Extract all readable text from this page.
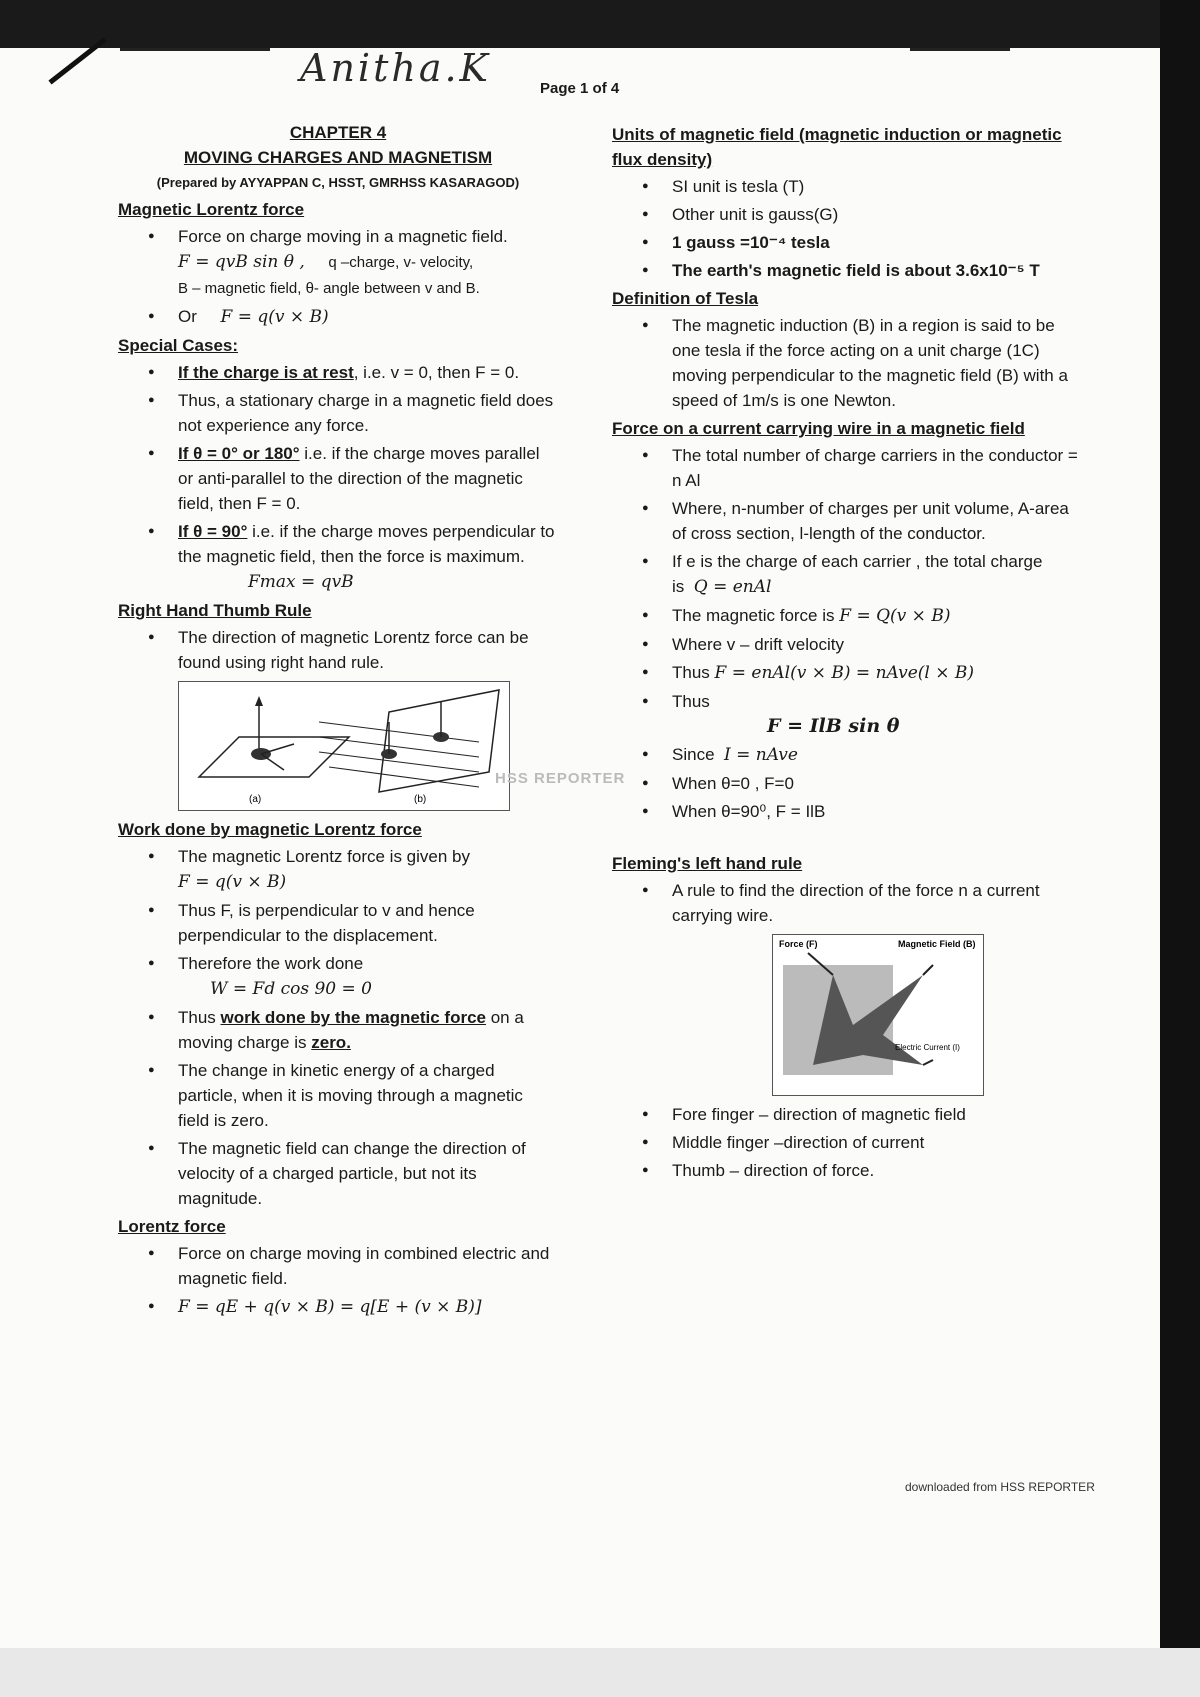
Anitha.K	Page 1 of 4
CHAPTER 4
MOVING CHARGES AND MAGNETISM
(Prepared by AYYAPPAN C, HSST, GMRHSS KASARAGOD)
Magnetic Lorentz force
● Force on charge moving in a magnetic field.
F = qvB sin θ , q –charge, v- velocity,
B – magnetic field, θ- angle between v and B.
● Or F = q(v × B)
Special Cases:
● If the charge is at rest, i.e. v = 0, then F = 0.
● Thus, a stationary charge in a magnetic field does not experience any force.
● If θ = 0° or 180° i.e. if the charge moves parallel or anti-parallel to the direction of the magnetic field, then F = 0.
● If θ = 90° i.e. if the charge moves perpendicular to the magnetic field, then the force is maximum.
Fmax = qvB
Right Hand Thumb Rule
● The direction of magnetic Lorentz force can be found using right hand rule.
(a)	(b)
Work done by magnetic Lorentz force
● The magnetic Lorentz force is given by
F = q(v × B)
● Thus F, is perpendicular to v and hence perpendicular to the displacement.
● Therefore the work done
W = Fd cos 90 = 0
● Thus work done by the magnetic force on a moving charge is zero.
● The change in kinetic energy of a charged particle, when it is moving through a magnetic field is zero.
● The magnetic field can change the direction of velocity of a charged particle, but not its magnitude.
Lorentz force
● Force on charge moving in combined electric and magnetic field.
● F = qE + q(v × B) = q[E + (v × B)]
Units of magnetic field (magnetic induction or magnetic flux density)
● SI unit is tesla (T)
● Other unit is gauss(G)
● 1 gauss =10⁻⁴ tesla
● The earth's magnetic field is about 3.6x10⁻⁵ T
Definition of Tesla
● The magnetic induction (B) in a region is said to be one tesla if the force acting on a unit charge (1C) moving perpendicular to the magnetic field (B) with a speed of 1m/s is one Newton.
Force on a current carrying wire in a magnetic field
● The total number of charge carriers in the conductor = n Al
● Where, n-number of charges per unit volume, A-area of cross section, l-length of the conductor.
● If e is the charge of each carrier , the total charge is Q = enAl
● The magnetic force is F = Q(v × B)
● Where v – drift velocity
● Thus F = enAl(v × B) = nAve(l × B)
● Thus
F = IlB sin θ
● Since I = nAve
● When θ=0 , F=0
● When θ=90⁰, F = IlB
Fleming's left hand rule
● A rule to find the direction of the force n a current carrying wire.
Force (F)	Magnetic Field (B)
Electric Current (I)
● Fore finger – direction of magnetic field
● Middle finger –direction of current
● Thumb – direction of force.
HSS REPORTER
downloaded from HSS REPORTER
